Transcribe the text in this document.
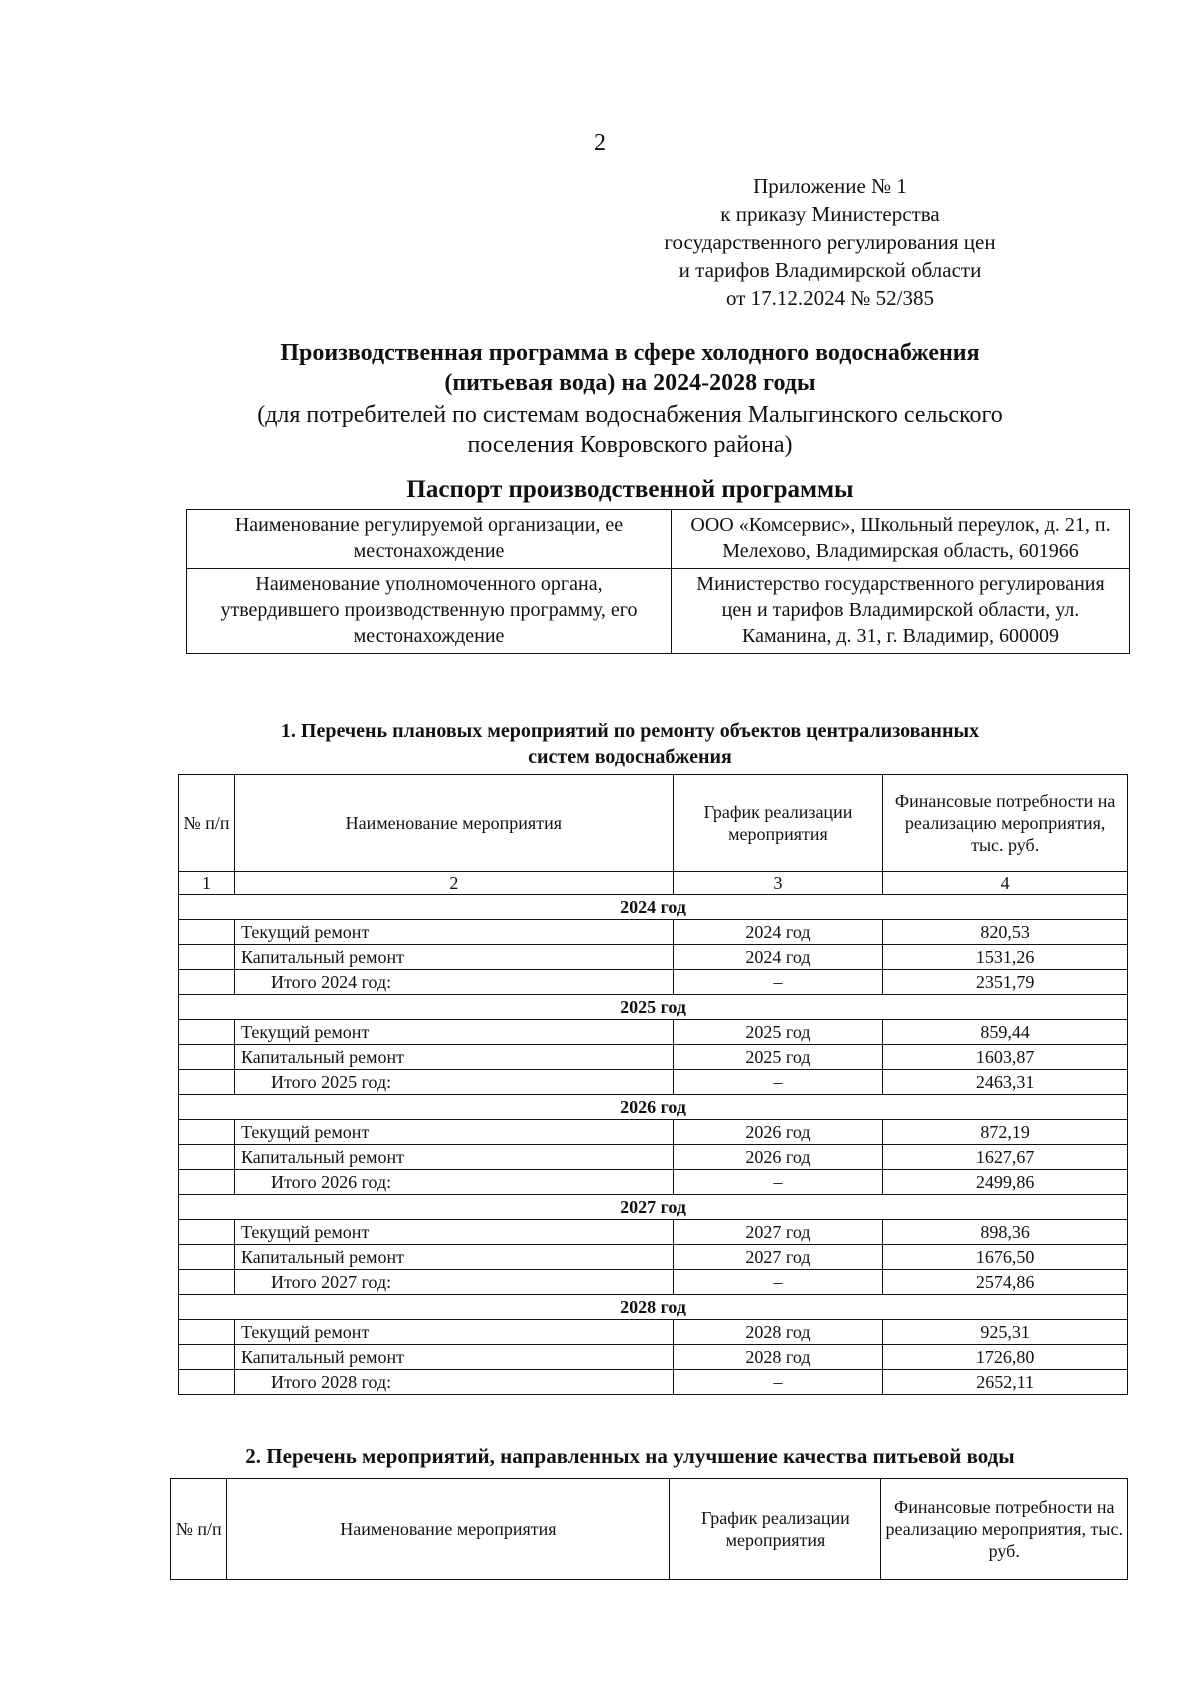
2
Приложение № 1
к приказу Министерства
государственного регулирования цен
и тарифов Владимирской области
от 17.12.2024 № 52/385
Производственная программа в сфере холодного водоснабжения
(питьевая вода) на 2024-2028 годы
(для потребителей по системам водоснабжения Малыгинского сельского
поселения Ковровского района)
Паспорт производственной программы
Наименование регулируемой организации, ее местонахождение	ООО «Комсервис», Школьный переулок, д. 21, п. Мелехово, Владимирская область, 601966
Наименование уполномоченного органа, утвердившего производственную программу, его местонахождение	Министерство государственного регулирования цен и тарифов Владимирской области, ул. Каманина, д. 31, г. Владимир, 600009
1. Перечень плановых мероприятий по ремонту объектов централизованных
систем водоснабжения
№ п/п	Наименование мероприятия	График реализации мероприятия	Финансовые потребности на реализацию мероприятия, тыс. руб.
1	2	3	4
2024 год			
	Текущий ремонт	2024 год	820,53
	Капитальный ремонт	2024 год	1531,26
	Итого 2024 год:	–	2351,79
2025 год			
	Текущий ремонт	2025 год	859,44
	Капитальный ремонт	2025 год	1603,87
	Итого 2025 год:	–	2463,31
2026 год			
	Текущий ремонт	2026 год	872,19
	Капитальный ремонт	2026 год	1627,67
	Итого 2026 год:	–	2499,86
2027 год			
	Текущий ремонт	2027 год	898,36
	Капитальный ремонт	2027 год	1676,50
	Итого 2027 год:	–	2574,86
2028 год			
	Текущий ремонт	2028 год	925,31
	Капитальный ремонт	2028 год	1726,80
	Итого 2028 год:	–	2652,11
2. Перечень мероприятий, направленных на улучшение качества питьевой воды
№ п/п	Наименование мероприятия	График реализации мероприятия	Финансовые потребности на реализацию мероприятия, тыс. руб.
